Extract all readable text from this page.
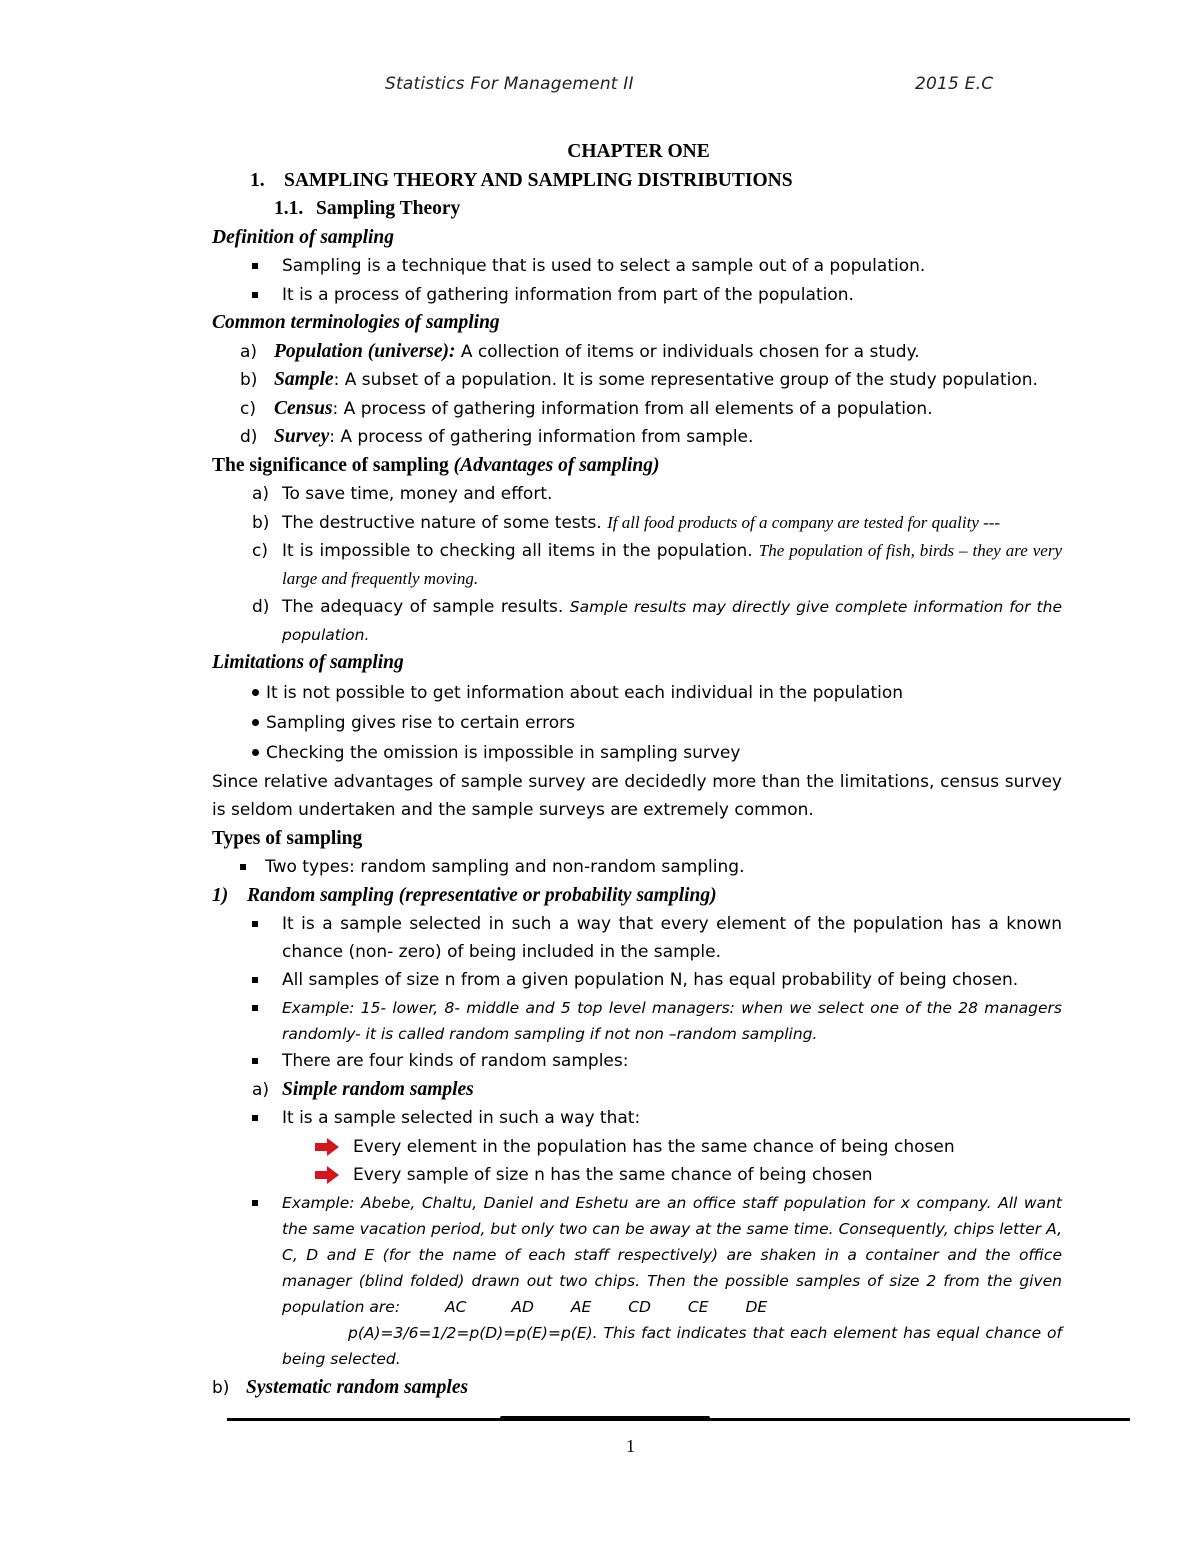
Statistics For Management II	2015 E.C
CHAPTER ONE
1. SAMPLING THEORY AND SAMPLING DISTRIBUTIONS
1.1. Sampling Theory
Definition of sampling
Sampling is a technique that is used to select a sample out of a population.
It is a process of gathering information from part of the population.
Common terminologies of sampling
a) Population (universe): A collection of items or individuals chosen for a study.
b) Sample: A subset of a population. It is some representative group of the study population.
c) Census: A process of gathering information from all elements of a population.
d) Survey: A process of gathering information from sample.
The significance of sampling (Advantages of sampling)
a) To save time, money and effort.
b) The destructive nature of some tests. If all food products of a company are tested for quality ---
c) It is impossible to checking all items in the population. The population of fish, birds – they are very large and frequently moving.
d) The adequacy of sample results. Sample results may directly give complete information for the population.
Limitations of sampling
It is not possible to get information about each individual in the population
Sampling gives rise to certain errors
Checking the omission is impossible in sampling survey
Since relative advantages of sample survey are decidedly more than the limitations, census survey is seldom undertaken and the sample surveys are extremely common.
Types of sampling
Two types: random sampling and non-random sampling.
1) Random sampling (representative or probability sampling)
It is a sample selected in such a way that every element of the population has a known chance (non- zero) of being included in the sample.
All samples of size n from a given population N, has equal probability of being chosen.
Example: 15- lower, 8- middle and 5 top level managers: when we select one of the 28 managers randomly- it is called random sampling if not non –random sampling.
There are four kinds of random samples:
a) Simple random samples
It is a sample selected in such a way that:
Every element in the population has the same chance of being chosen
Every sample of size n has the same chance of being chosen
Example: Abebe, Chaltu, Daniel and Eshetu are an office staff population for x company. All want the same vacation period, but only two can be away at the same time. Consequently, chips letter A, C, D and E (for the name of each staff respectively) are shaken in a container and the office manager (blind folded) drawn out two chips. Then the possible samples of size 2 from the given population are:	AC	AD AE CD CE DE
p(A)=3/6=1/2=p(D)=p(E)=p(E). This fact indicates that each element has equal chance of being selected.
b) Systematic random samples
1
